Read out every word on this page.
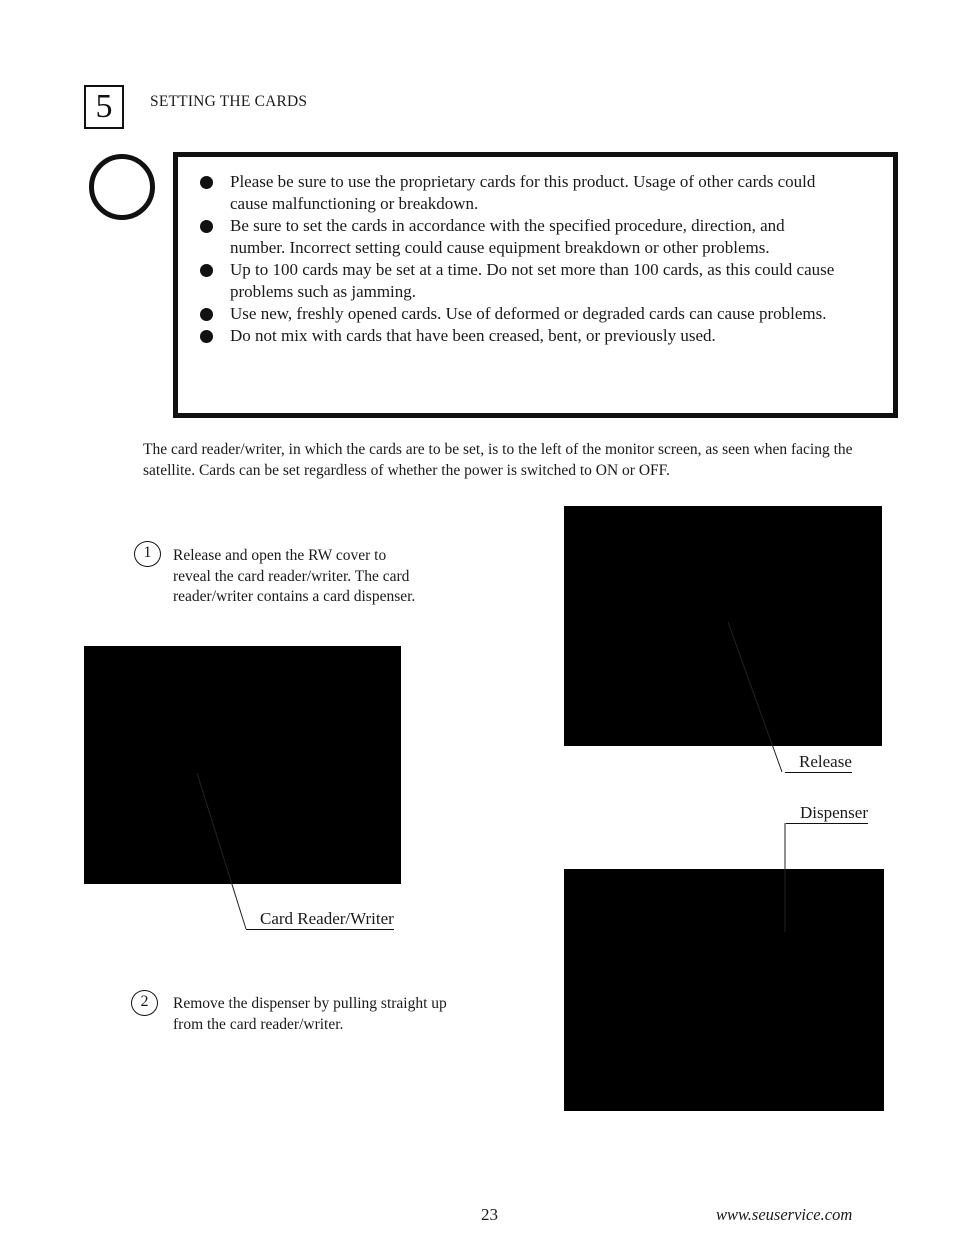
5	SETTING THE CARDS
Please be sure to use the proprietary cards for this product. Usage of other cards could cause malfunctioning or breakdown.
Be sure to set the cards in accordance with the specified procedure, direction, and number. Incorrect setting could cause equipment breakdown or other problems.
Up to 100 cards may be set at a time. Do not set more than 100 cards, as this could cause problems such as jamming.
Use new, freshly opened cards. Use of deformed or degraded cards can cause problems.
Do not mix with cards that have been creased, bent, or previously used.
The card reader/writer, in which the cards are to be set, is to the left of the monitor screen, as seen when facing the satellite. Cards can be set regardless of whether the power is switched to ON or OFF.
1	Release and open the RW cover to reveal the card reader/writer. The card reader/writer contains a card dispenser.
Release
Dispenser
Card Reader/Writer
2	Remove the dispenser by pulling straight up from the card reader/writer.
23	www.seuservice.com
